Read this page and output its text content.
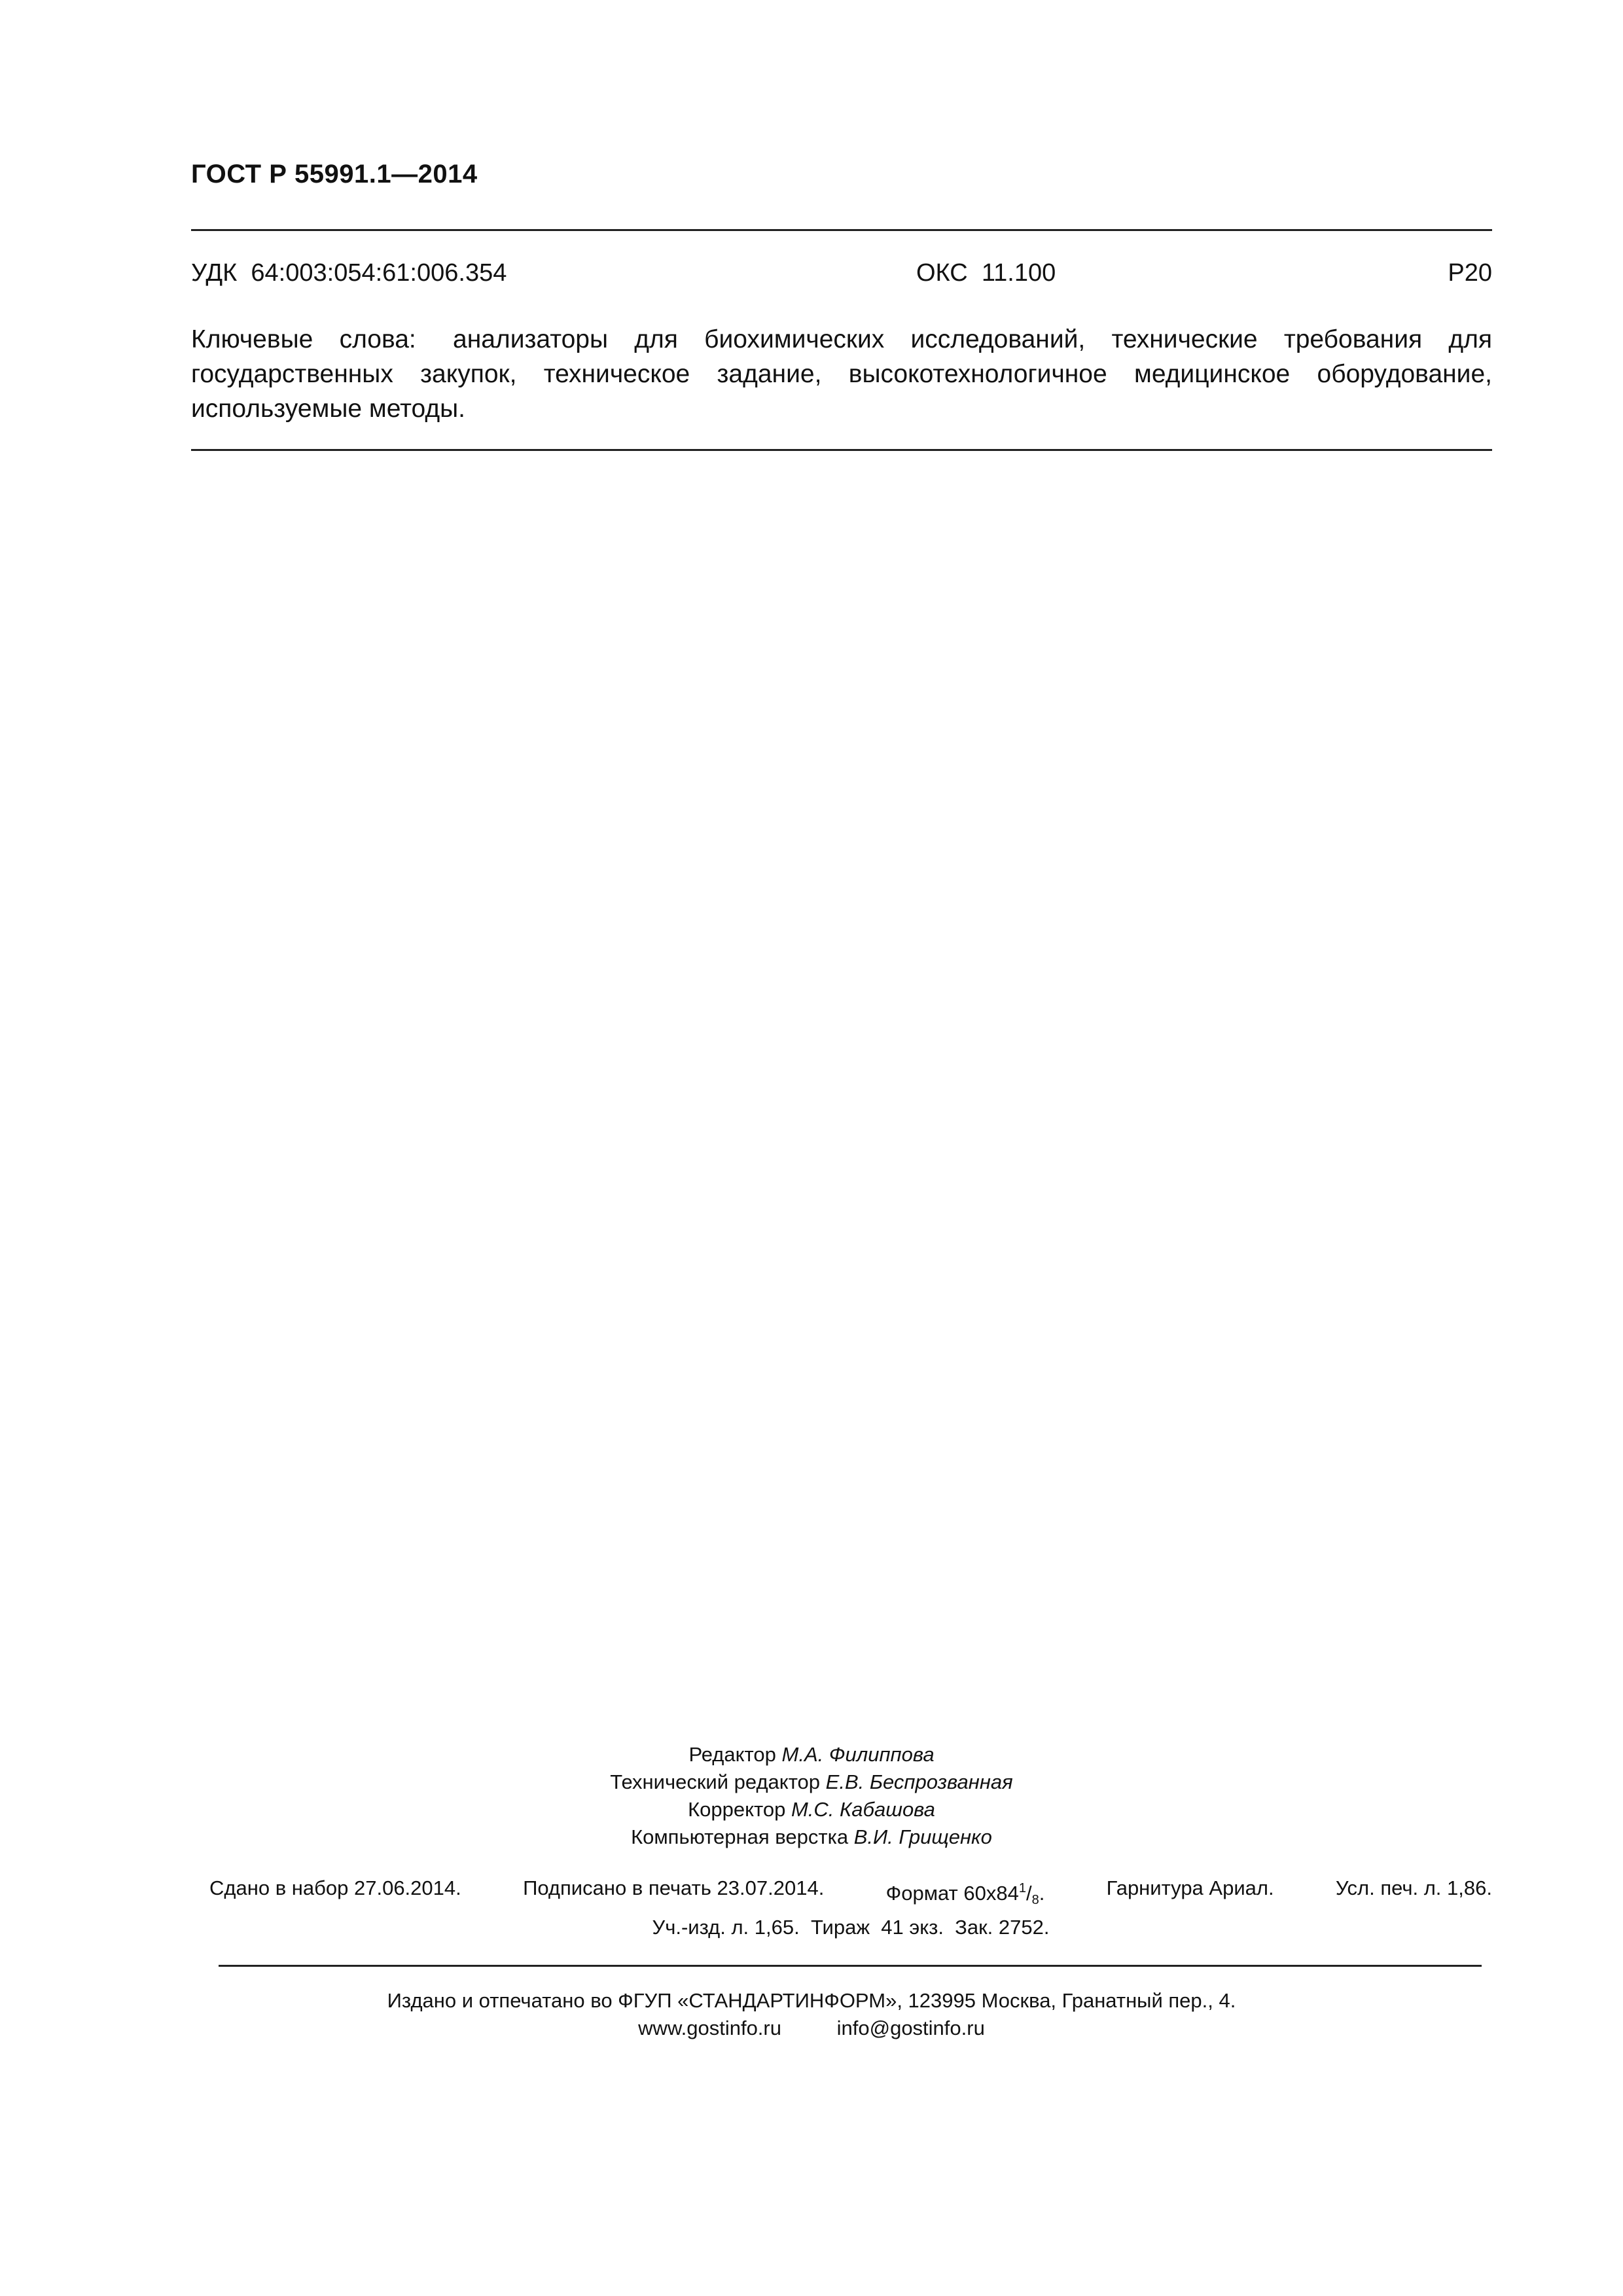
ГОСТ Р 55991.1—2014
УДК  64:003:054:61:006.354	ОКС  11.100	Р20
Ключевые слова: анализаторы для биохимических исследований, технические требования для государственных закупок, техническое задание, высокотехнологичное медицинское оборудование, используемые методы.
Редактор М.А. Филиппова
Технический редактор Е.В. Беспрозванная
Корректор М.С. Кабашова
Компьютерная верстка В.И. Грищенко
Сдано в набор 27.06.2014.	Подписано в печать 23.07.2014.	Формат $60х84^1/_8$.	Гарнитура Ариал.	Усл. печ. л. 1,86.
Уч.-изд. л. 1,65.  Тираж  41 экз.  Зак. 2752.
Издано и отпечатано во ФГУП «СТАНДАРТИНФОРМ», 123995 Москва, Гранатный пер., 4.
www.gostinfo.ru	info@gostinfo.ru
